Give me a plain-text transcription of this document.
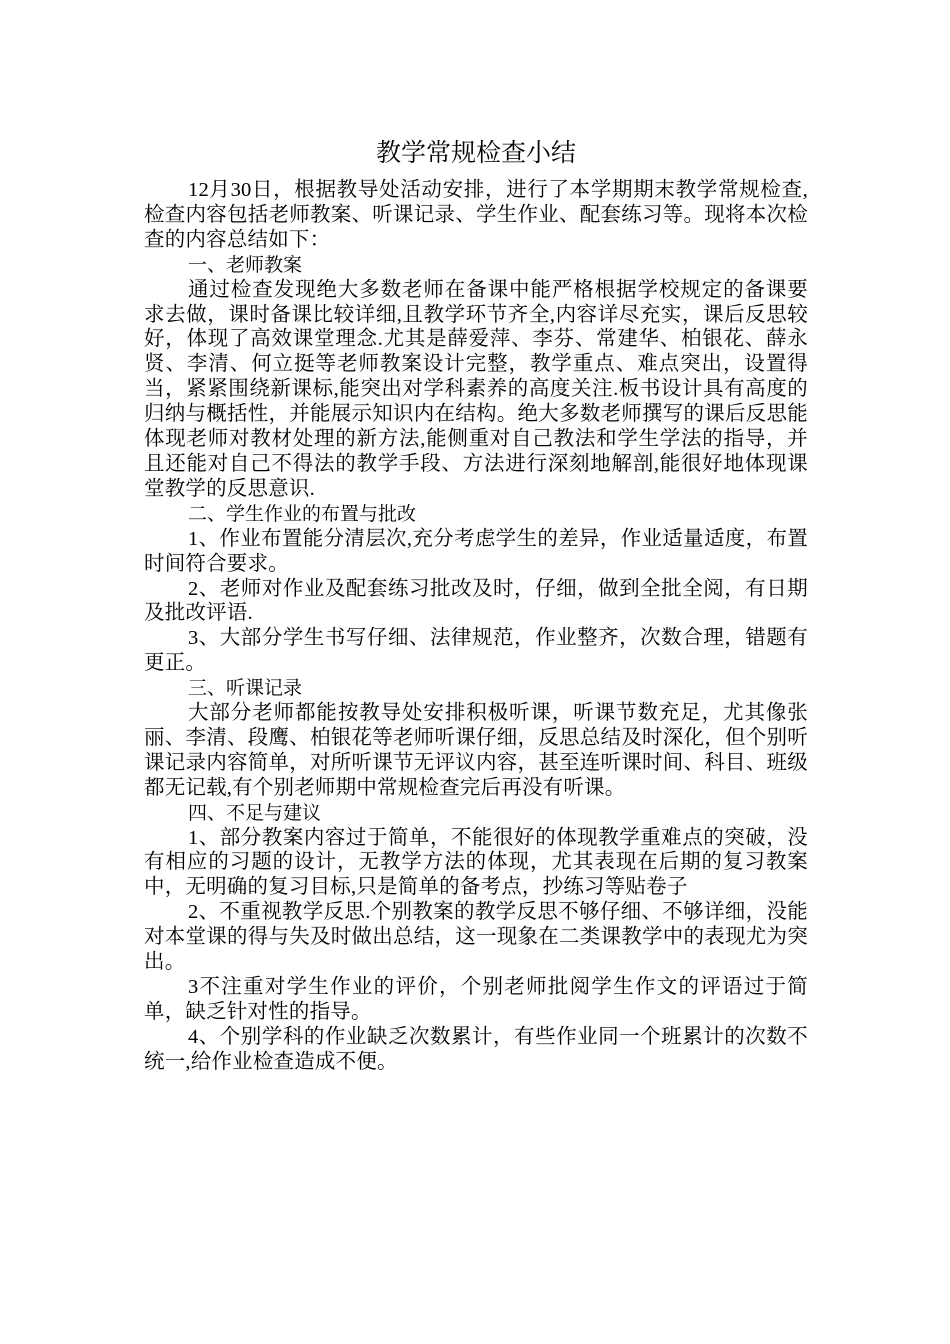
教学常规检查小结

12月30日，根据教导处活动安排，进行了本学期期末教学常规检查,检查内容包括老师教案、听课记录、学生作业、配套练习等。现将本次检查的内容总结如下：

一、老师教案

通过检查发现绝大多数老师在备课中能严格根据学校规定的备课要求去做，课时备课比较详细,且教学环节齐全,内容详尽充实，课后反思较好，体现了高效课堂理念.尤其是薛爱萍、李芬、常建华、柏银花、薛永贤、李清、何立挺等老师教案设计完整，教学重点、难点突出，设置得当，紧紧围绕新课标,能突出对学科素养的高度关注.板书设计具有高度的归纳与概括性，并能展示知识内在结构。绝大多数老师撰写的课后反思能体现老师对教材处理的新方法,能侧重对自己教法和学生学法的指导，并且还能对自己不得法的教学手段、方法进行深刻地解剖,能很好地体现课堂教学的反思意识.

二、学生作业的布置与批改

1、作业布置能分清层次,充分考虑学生的差异，作业适量适度，布置时间符合要求。

2、老师对作业及配套练习批改及时，仔细，做到全批全阅，有日期及批改评语.

3、大部分学生书写仔细、法律规范，作业整齐，次数合理，错题有更正。

三、听课记录

大部分老师都能按教导处安排积极听课，听课节数充足，尤其像张丽、李清、段鹰、柏银花等老师听课仔细，反思总结及时深化，但个别听课记录内容简单，对所听课节无评议内容，甚至连听课时间、科目、班级都无记载,有个别老师期中常规检查完后再没有听课。

四、不足与建议

1、部分教案内容过于简单，不能很好的体现教学重难点的突破，没有相应的习题的设计，无教学方法的体现，尤其表现在后期的复习教案中，无明确的复习目标,只是简单的备考点，抄练习等贴卷子

2、不重视教学反思.个别教案的教学反思不够仔细、不够详细，没能对本堂课的得与失及时做出总结，这一现象在二类课教学中的表现尤为突出。

3不注重对学生作业的评价，个别老师批阅学生作文的评语过于简单，缺乏针对性的指导。

4、个别学科的作业缺乏次数累计，有些作业同一个班累计的次数不统一,给作业检查造成不便。
